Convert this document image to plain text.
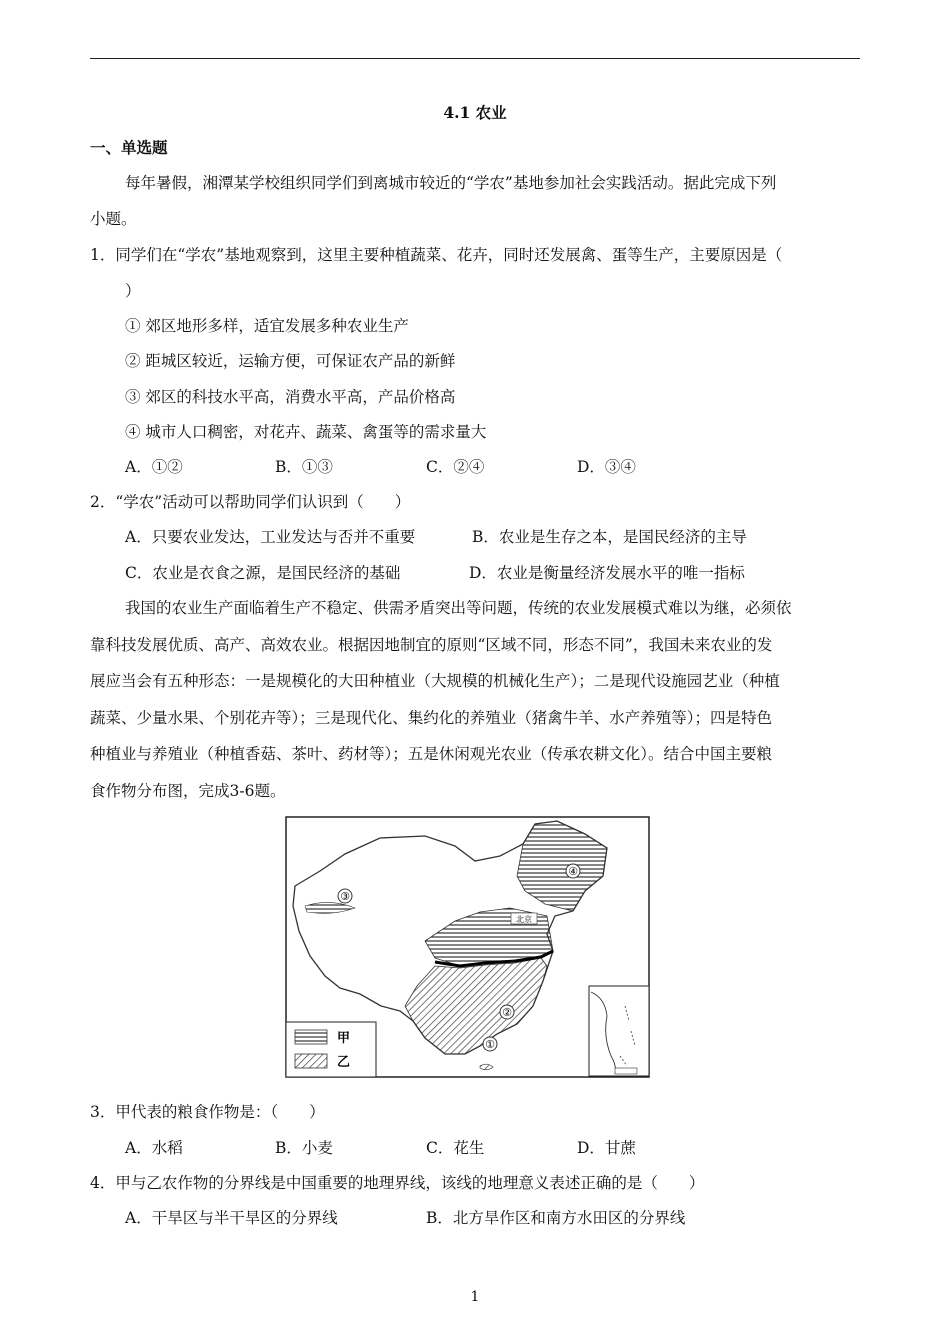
4.1 农业
一、单选题
每年暑假，湘潭某学校组织同学们到离城市较近的“学农”基地参加社会实践活动。据此完成下列
小题。
1．同学们在“学农”基地观察到，这里主要种植蔬菜、花卉，同时还发展禽、蛋等生产，主要原因是（
）
① 郊区地形多样，适宜发展多种农业生产
② 距城区较近，运输方便，可保证农产品的新鲜
③ 郊区的科技水平高，消费水平高，产品价格高
④ 城市人口稠密，对花卉、蔬菜、禽蛋等的需求量大
A．①②	B．①③	C．②④	D．③④
2．“学农”活动可以帮助同学们认识到（　　）
A．只要农业发达，工业发达与否并不重要	B．农业是生存之本，是国民经济的主导
C．农业是衣食之源，是国民经济的基础	D．农业是衡量经济发展水平的唯一指标
我国的农业生产面临着生产不稳定、供需矛盾突出等问题，传统的农业发展模式难以为继，必须依
靠科技发展优质、高产、高效农业。根据因地制宜的原则“区域不同，形态不同”，我国未来农业的发
展应当会有五种形态：一是规模化的大田种植业（大规模的机械化生产）；二是现代设施园艺业（种植
蔬菜、少量水果、个别花卉等）；三是现代化、集约化的养殖业（猪禽牛羊、水产养殖等）；四是特色
种植业与养殖业（种植香菇、茶叶、药材等）；五是休闲观光农业（传承农耕文化）。结合中国主要粮
食作物分布图，完成3-6题。
④
③
②
①
北京
甲
乙
3．甲代表的粮食作物是：（　　）
A．水稻	B．小麦	C．花生	D．甘蔗
4．甲与乙农作物的分界线是中国重要的地理界线，该线的地理意义表述正确的是（　　）
A．干旱区与半干旱区的分界线	B．北方旱作区和南方水田区的分界线
1
